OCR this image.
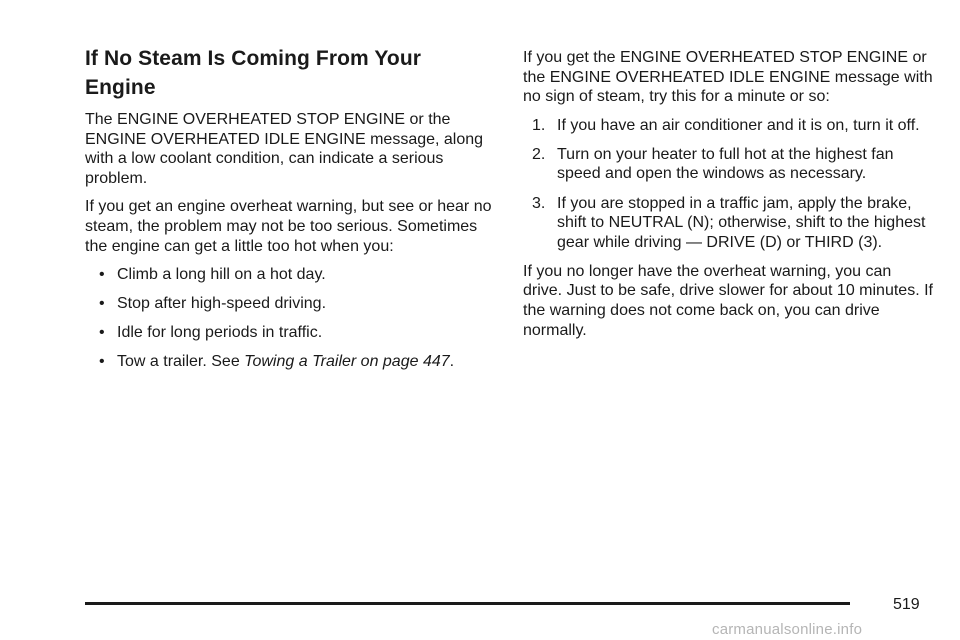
If No Steam Is Coming From Your Engine

The ENGINE OVERHEATED STOP ENGINE or the ENGINE OVERHEATED IDLE ENGINE message, along with a low coolant condition, can indicate a serious problem.

If you get an engine overheat warning, but see or hear no steam, the problem may not be too serious. Sometimes the engine can get a little too hot when you:

• Climb a long hill on a hot day.
• Stop after high-speed driving.
• Idle for long periods in traffic.
• Tow a trailer. See Towing a Trailer on page 447.

If you get the ENGINE OVERHEATED STOP ENGINE or the ENGINE OVERHEATED IDLE ENGINE message with no sign of steam, try this for a minute or so:

1. If you have an air conditioner and it is on, turn it off.
2. Turn on your heater to full hot at the highest fan speed and open the windows as necessary.
3. If you are stopped in a traffic jam, apply the brake, shift to NEUTRAL (N); otherwise, shift to the highest gear while driving — DRIVE (D) or THIRD (3).

If you no longer have the overheat warning, you can drive. Just to be safe, drive slower for about 10 minutes. If the warning does not come back on, you can drive normally.

519
carmanualsonline.info
